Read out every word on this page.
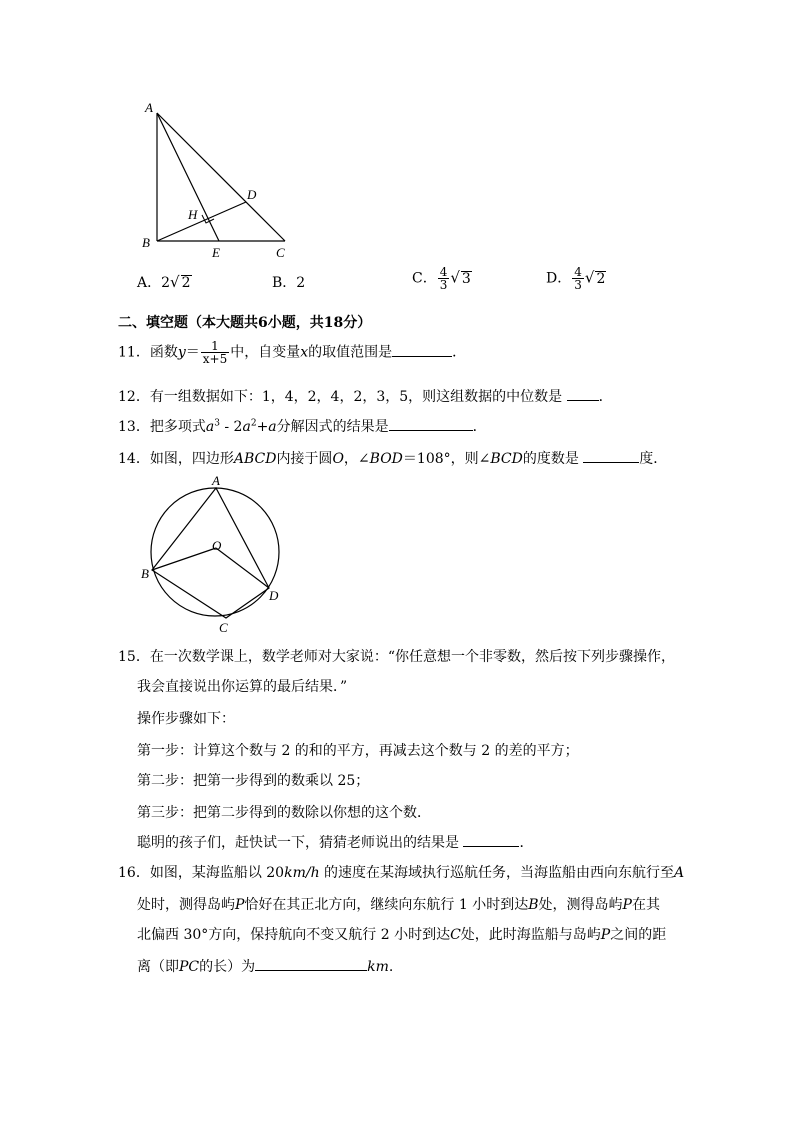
A
B
C
D
E
H
A．2√ 2	B．2	C． $\frac{4}{3}$ √ 3	D． $\frac{4}{3}$ √ 2
二、填空题（本大题共6小题，共18分）
11．函数$y= \frac{1}{x+5}$ 中，自变量x的取值范围是	．
12．有一组数据如下：1，4，2，4，2，3，5，则这组数据的中位数是	．
13．把多项式$a^3 - 2a^2+a$分解因式的结果是	．
14．如图，四边形ABCD内接于圆O，∠BOD＝108°，则∠BCD的度数是	度．
A
B
C
D
O
15．在一次数学课上，数学老师对大家说：“你任意想一个非零数，然后按下列步骤操作，
我会直接说出你运算的最后结果．”
操作步骤如下：
第一步：计算这个数与 2 的和的平方，再减去这个数与 2 的差的平方；
第二步：把第一步得到的数乘以 25；
第三步：把第二步得到的数除以你想的这个数．
聪明的孩子们，赶快试一下，猜猜老师说出的结果是	．
16．如图，某海监船以 20km/h 的速度在某海域执行巡航任务，当海监船由西向东航行至A
处时，测得岛屿P恰好在其正北方向，继续向东航行 1 小时到达B处，测得岛屿P在其
北偏西 30°方向，保持航向不变又航行 2 小时到达C处，此时海监船与岛屿P之间的距
离（即PC的长）为	km.
